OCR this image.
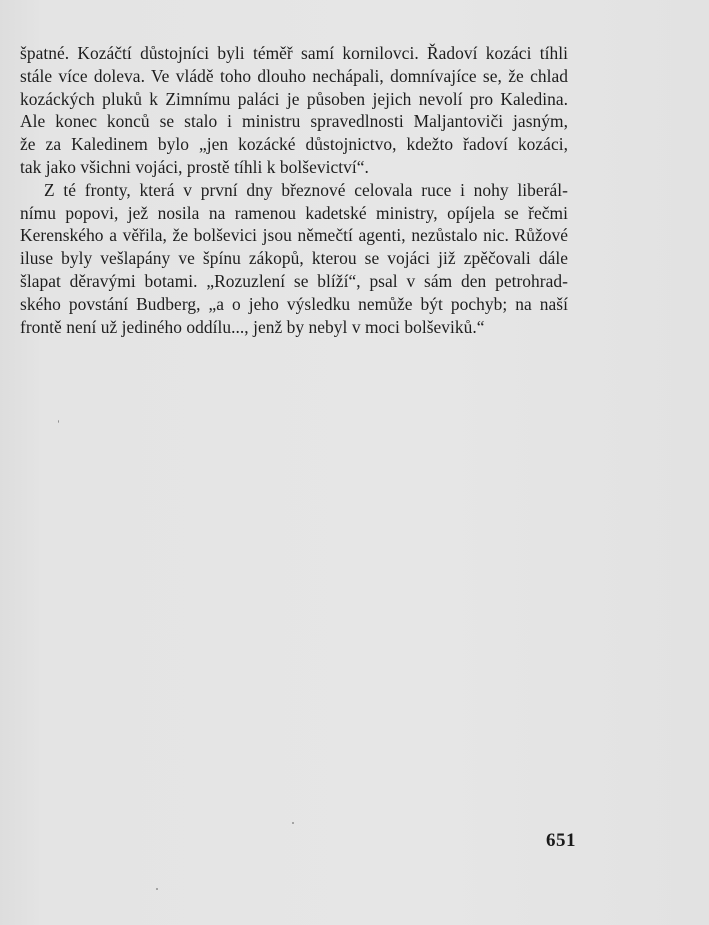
špatné. Kozáčtí důstojníci byli téměř samí kornilovci. Řadoví kozáci tíhli
stále více doleva. Ve vládě toho dlouho nechápali, domnívajíce se, že chlad
kozáckých pluků k Zimnímu paláci je působen jejich nevolí pro Kaledina.
Ale konec konců se stalo i ministru spravedlnosti Maljantoviči jasným,
že za Kaledinem bylo „jen kozácké důstojnictvo, kdežto řadoví kozáci,
tak jako všichni vojáci, prostě tíhli k bolševictví“.
Z té fronty, která v první dny březnové celovala ruce i nohy liberál-
nímu popovi, jež nosila na ramenou kadetské ministry, opíjela se řečmi
Kerenského a věřila, že bolševici jsou němečtí agenti, nezůstalo nic. Růžové
iluse byly vešlapány ve špínu zákopů, kterou se vojáci již zpěčovali dále
šlapat děravými botami. „Rozuzlení se blíží“, psal v sám den petrohrad-
ského povstání Budberg, „a o jeho výsledku nemůže být pochyb; na naší
frontě není už jediného oddílu..., jenž by nebyl v moci bolševiků.“
651
